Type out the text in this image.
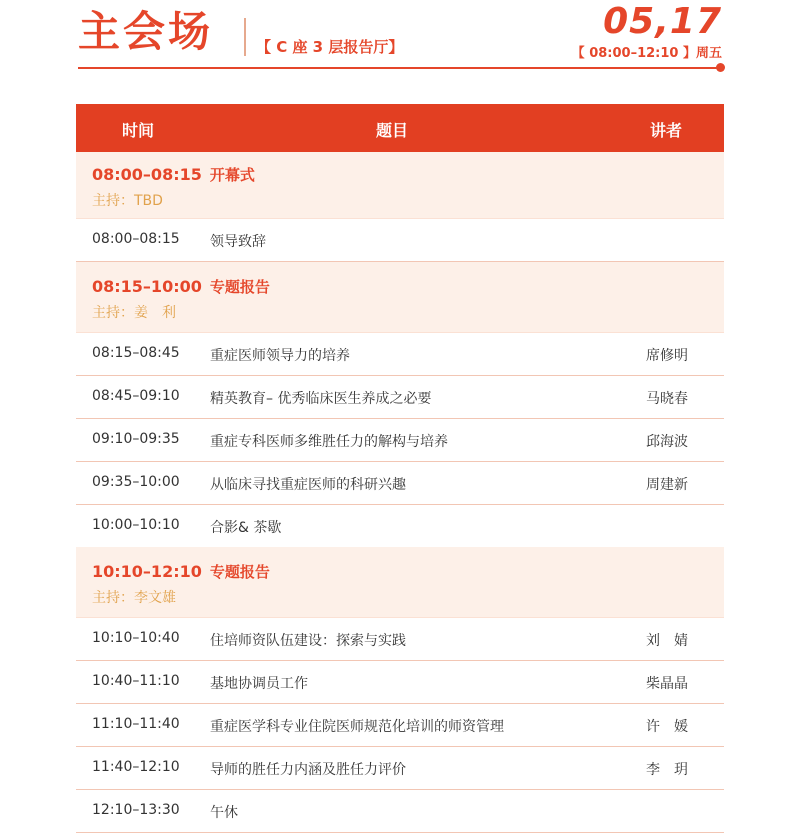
主会场	【 C 座 3 层报告厅】
05,17
【 08:00–12:10 】周五
时间	题目	讲者
08:00–08:15 开幕式
主持：TBD
08:00–08:15 领导致辞
08:15–10:00 专题报告
主持：姜　利
08:15–08:45 重症医师领导力的培养	席修明
08:45–09:10 精英教育– 优秀临床医生养成之必要	马晓春
09:10–09:35 重症专科医师多维胜任力的解构与培养	邱海波
09:35–10:00 从临床寻找重症医师的科研兴趣	周建新
10:00–10:10 合影& 茶歇
10:10–12:10 专题报告
主持：李文雄
10:10–10:40 住培师资队伍建设：探索与实践	刘　婧
10:40–11:10 基地协调员工作	柴晶晶
11:10–11:40 重症医学科专业住院医师规范化培训的师资管理	许　媛
11:40–12:10 导师的胜任力内涵及胜任力评价	李　玥
12:10–13:30 午休
